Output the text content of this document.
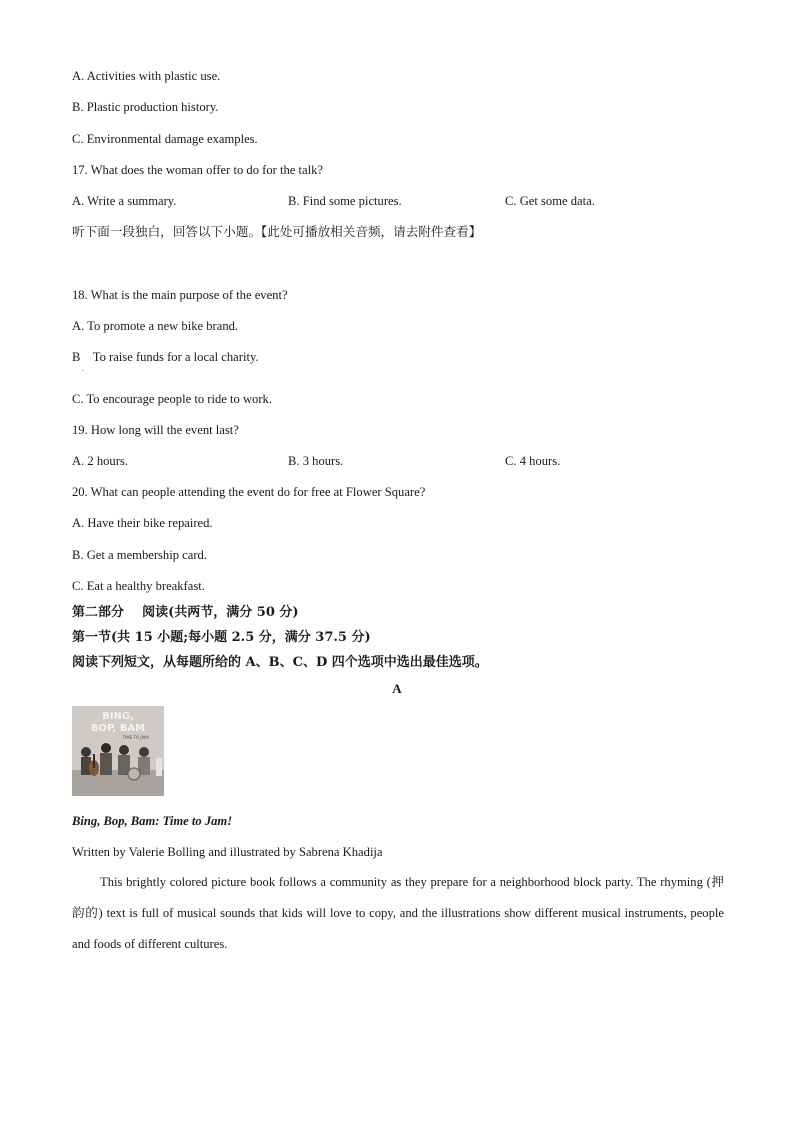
A. Activities with plastic use.
B. Plastic production history.
C. Environmental damage examples.
17. What does the woman offer to do for the talk?
A. Write a summary.	B. Find some pictures.	C. Get some data.
听下面一段独白，回答以下小题。【此处可播放相关音频，请去附件查看】
18. What is the main purpose of the event?
A. To promote a new bike brand.
B    To raise funds for a local charity.
.
C. To encourage people to ride to work.
19. How long will the event last?
A. 2 hours.	B. 3 hours.	C. 4 hours.
20. What can people attending the event do for free at Flower Square?
A. Have their bike repaired.
B. Get a membership card.
C. Eat a healthy breakfast.
第二部分    阅读(共两节，满分 50 分)
第一节(共 15 小题;每小题 2.5 分，满分 37.5 分)
阅读下列短文，从每题所给的 A、B、C、D 四个选项中选出最佳选项。
A
BING,
BOP, BAM
TIME TO JAM!
Bing, Bop, Bam: Time to Jam!
Written by Valerie Bolling and illustrated by Sabrena Khadija
This brightly colored picture book follows a community as they prepare for a neighborhood block party. The rhyming (押韵的) text is full of musical sounds that kids will love to copy, and the illustrations show different musical instruments, people and foods of different cultures.
